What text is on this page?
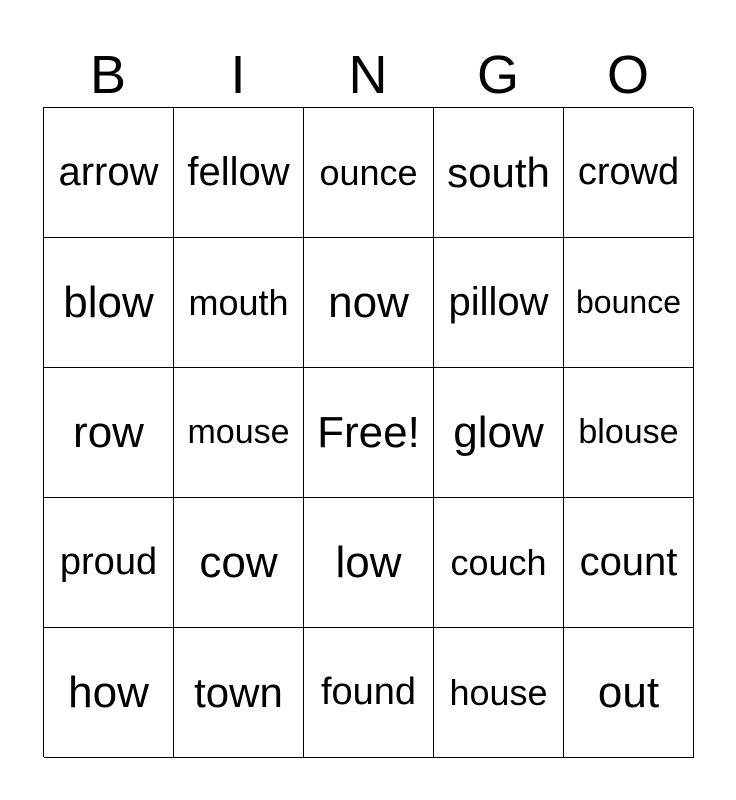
B	I	N	G	O
arrow fellow ounce south crowd
blow mouth now pillow bounce
row	mouse Free! glow	blouse
proud cow	low	couch count
how	town	found house	out
